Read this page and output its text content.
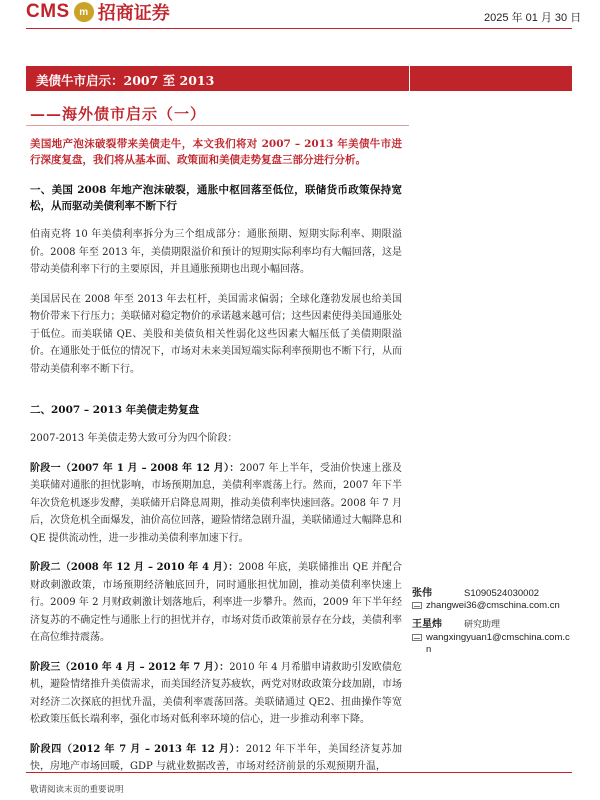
CMS m 招商证券	2025 年 01 月 30 日
美债牛市启示：2007 至 2013
——海外债市启示（一）
美国地产泡沫破裂带来美债走牛，本文我们将对 2007 – 2013 年美债牛市进行深度复盘，我们将从基本面、政策面和美债走势复盘三部分进行分析。
一、美国 2008 年地产泡沫破裂，通胀中枢回落至低位，联储货币政策保持宽松，从而驱动美债利率不断下行
伯南克将 10 年美债利率拆分为三个组成部分：通胀预期、短期实际利率、期限溢价。2008 年至 2013 年，美债期限溢价和预计的短期实际利率均有大幅回落，这是带动美债利率下行的主要原因，并且通胀预期也出现小幅回落。
美国居民在 2008 年至 2013 年去杠杆，美国需求偏弱；全球化蓬勃发展也给美国物价带来下行压力；美联储对稳定物价的承诺越来越可信；这些因素使得美国通胀处于低位。而美联储 QE、美股和美债负相关性弱化这些因素大幅压低了美债期限溢价。在通胀处于低位的情况下，市场对未来美国短端实际利率预期也不断下行，从而带动美债利率不断下行。
二、2007 – 2013 年美债走势复盘
2007-2013 年美债走势大致可分为四个阶段：
阶段一（2007 年 1 月 – 2008 年 12 月）：2007 年上半年，受油价快速上涨及美联储对通胀的担忧影响，市场预期加息，美债利率震荡上行。然而，2007 年下半年次贷危机逐步发酵，美联储开启降息周期，推动美债利率快速回落。2008 年 7 月后，次贷危机全面爆发，油价高位回落，避险情绪急剧升温，美联储通过大幅降息和 QE 提供流动性，进一步推动美债利率加速下行。
阶段二（2008 年 12 月 – 2010 年 4 月）：2008 年底，美联储推出 QE 并配合财政刺激政策，市场预期经济触底回升，同时通胀担忧加剧，推动美债利率快速上行。2009 年 2 月财政刺激计划落地后，利率进一步攀升。然而，2009 年下半年经济复苏的不确定性与通胀上行的担忧并存，市场对货币政策前景存在分歧，美债利率在高位维持震荡。
阶段三（2010 年 4 月 – 2012 年 7 月）：2010 年 4 月希腊申请救助引发欧债危机，避险情绪推升美债需求，而美国经济复苏疲软，两党对财政政策分歧加剧，市场对经济二次探底的担忧升温，美债利率震荡回落。美联储通过 QE2、扭曲操作等宽松政策压低长端利率，强化市场对低利率环境的信心，进一步推动利率下降。
阶段四（2012 年 7 月 – 2013 年 12 月）：2012 年下半年，美国经济复苏加快，房地产市场回暖，GDP 与就业数据改善，市场对经济前景的乐观预期升温，
张伟	S1090524030002
zhangwei36@cmschina.com.cn
王星炜	研究助理
wangxingyuan1@cmschina.com.c n
敬请阅读末页的重要说明
